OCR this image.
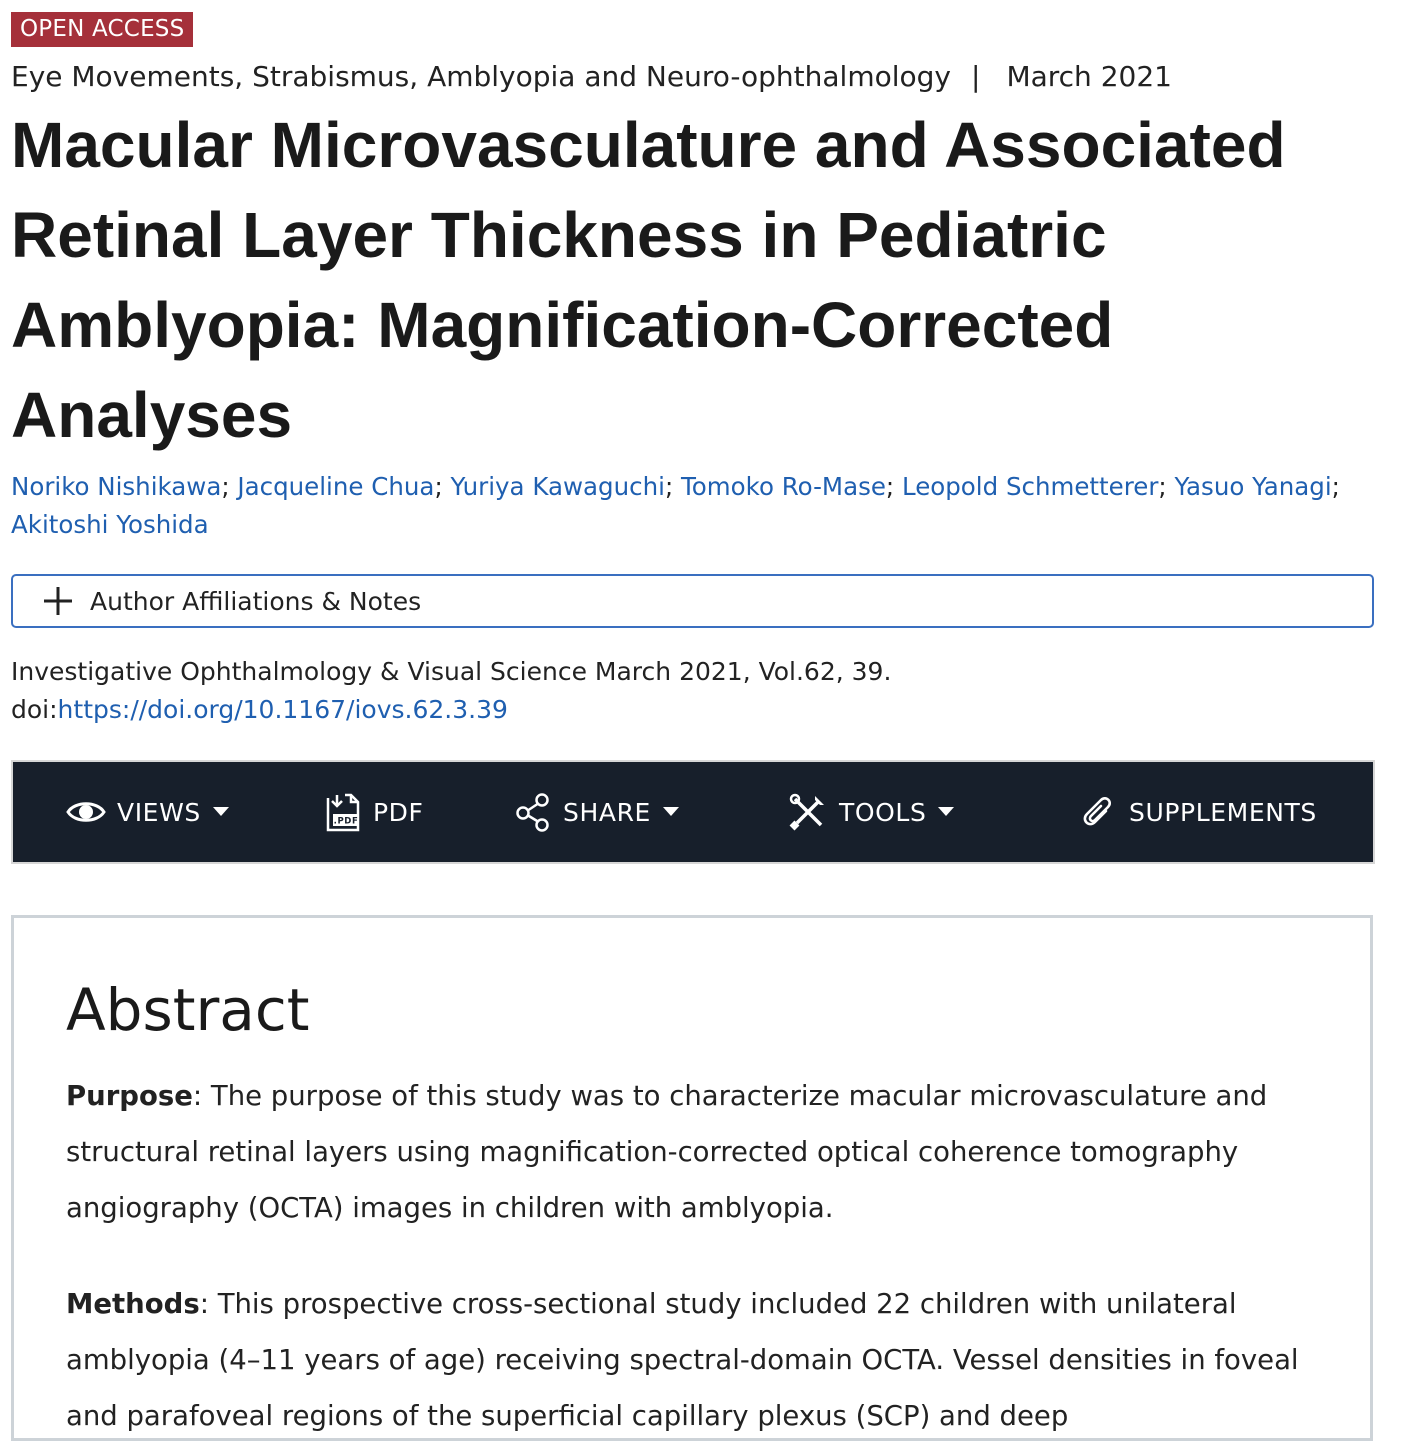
OPEN ACCESS
Eye Movements, Strabismus, Amblyopia and Neuro-ophthalmology | March 2021
Macular Microvasculature and Associated Retinal Layer Thickness in Pediatric Amblyopia: Magnification-Corrected Analyses
Noriko Nishikawa; Jacqueline Chua; Yuriya Kawaguchi; Tomoko Ro-Mase; Leopold Schmetterer; Yasuo Yanagi; Akitoshi Yoshida
Author Affiliations & Notes
Investigative Ophthalmology & Visual Science March 2021, Vol.62, 39.
doi:https://doi.org/10.1167/iovs.62.3.39
VIEWS	.PDF PDF	SHARE	TOOLS	SUPPLEMENTS
Abstract

Purpose: The purpose of this study was to characterize macular microvasculature and structural retinal layers using magnification-corrected optical coherence tomography angiography (OCTA) images in children with amblyopia.

Methods: This prospective cross-sectional study included 22 children with unilateral amblyopia (4–11 years of age) receiving spectral-domain OCTA. Vessel densities in foveal and parafoveal regions of the superficial capillary plexus (SCP) and deep
